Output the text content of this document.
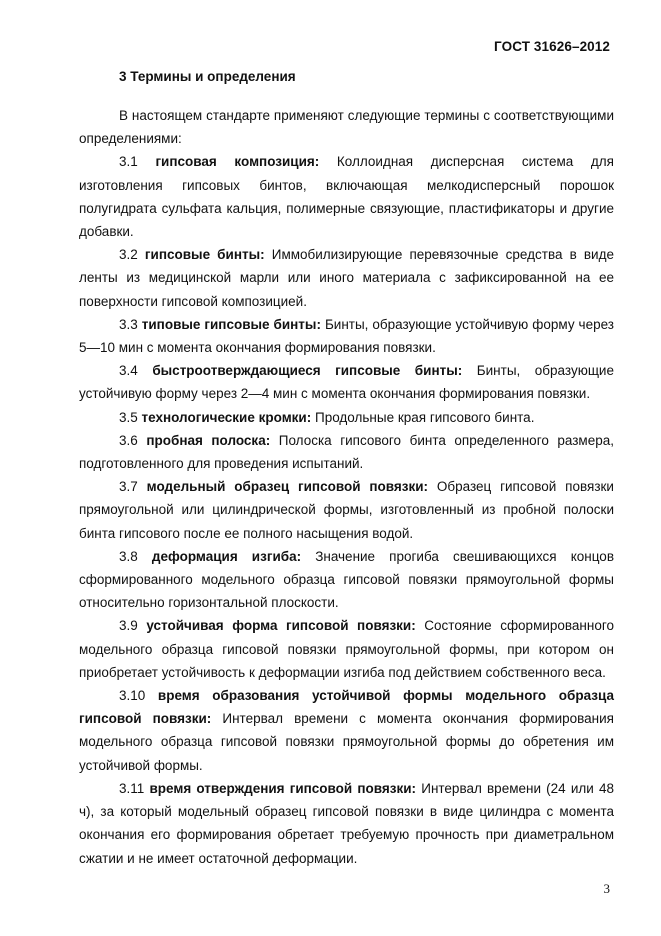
ГОСТ 31626–2012
3 Термины и определения

В настоящем стандарте применяют следующие термины с соответствующими определениями:

3.1 гипсовая композиция: Коллоидная дисперсная система для изготовления гипсовых бинтов, включающая мелкодисперсный порошок полугидрата сульфата кальция, полимерные связующие, пластификаторы и другие добавки.

3.2 гипсовые бинты: Иммобилизирующие перевязочные средства в виде ленты из медицинской марли или иного материала с зафиксированной на ее поверхности гипсовой композицией.

3.3 типовые гипсовые бинты: Бинты, образующие устойчивую форму через 5—10 мин с момента окончания формирования повязки.

3.4 быстроотверждающиеся гипсовые бинты: Бинты, образующие устойчивую форму через 2—4 мин с момента окончания формирования повязки.

3.5 технологические кромки: Продольные края гипсового бинта.

3.6 пробная полоска: Полоска гипсового бинта определенного размера, подготовленного для проведения испытаний.

3.7 модельный образец гипсовой повязки: Образец гипсовой повязки прямоугольной или цилиндрической формы, изготовленный из пробной полоски бинта гипсового после ее полного насыщения водой.

3.8 деформация изгиба: Значение прогиба свешивающихся концов сформированного модельного образца гипсовой повязки прямоугольной формы относительно горизонтальной плоскости.

3.9 устойчивая форма гипсовой повязки: Состояние сформированного модельного образца гипсовой повязки прямоугольной формы, при котором он приобретает устойчивость к деформации изгиба под действием собственного веса.

3.10 время образования устойчивой формы модельного образца гипсовой повязки: Интервал времени с момента окончания формирования модельного образца гипсовой повязки прямоугольной формы до обретения им устойчивой формы.

3.11 время отверждения гипсовой повязки: Интервал времени (24 или 48 ч), за который модельный образец гипсовой повязки в виде цилиндра с момента окончания его формирования обретает требуемую прочность при диаметральном сжатии и не имеет остаточной деформации.

3
